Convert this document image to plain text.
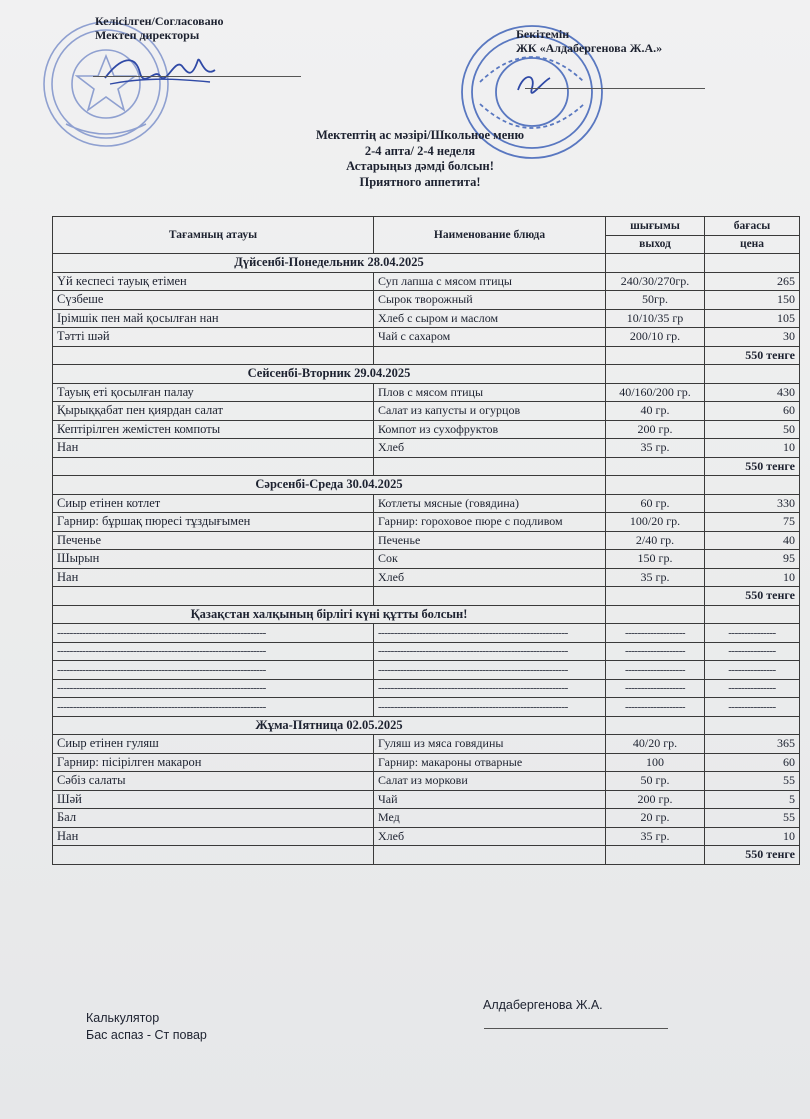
Келісілген/Согласовано
Мектеп директоры	Бекітемін
ЖК «Алдабергенова Ж.А.»
Мектептің ас мәзірі/Школьное меню
2-4 апта/ 2-4 неделя
Астарыңыз дәмді болсын!
Приятного аппетита!
Тағамның атауы	Наименование блюда	шығымы	бағасы
		выход	цена
Дүйсенбі-Понедельник 28.04.2025			
Үй кеспесі тауық етімен	Суп лапша с мясом птицы	240/30/270гр.	265
Сүзбеше	Сырок творожный	50гр.	150
Ірімшік пен май қосылған нан	Хлеб с сыром и маслом	10/10/35 гр	105
Тәтті шәй	Чай с сахаром	200/10 гр.	30
			550 тенге
Сейсенбі-Вторник 29.04.2025			
Тауық еті қосылған палау	Плов с мясом птицы	40/160/200 гр.	430
Қырыққабат пен қиярдан салат	Салат из капусты и огурцов	40 гр.	60
Кептірілген жемістен компоты	Компот из сухофруктов	200 гр.	50
Нан	Хлеб	35 гр.	10
			550 тенге
Сәрсенбі-Среда 30.04.2025			
Сиыр етінен котлет	Котлеты мясные (говядина)	60 гр.	330
Гарнир: бұршақ пюресі тұздығымен	Гарнир: гороховое пюре с подливом	100/20 гр.	75
Печенье	Печенье	2/40 гр.	40
Шырын	Сок	150 гр.	95
Нан	Хлеб	35 гр.	10
			550 тенге
Қазақстан халқының бірлігі күні құтты болсын!			
------------------------------------------------------------------	------------------------------------------------------------	-------------------	---------------
------------------------------------------------------------------	------------------------------------------------------------	-------------------	---------------
------------------------------------------------------------------	------------------------------------------------------------	-------------------	---------------
------------------------------------------------------------------	------------------------------------------------------------	-------------------	---------------
------------------------------------------------------------------	------------------------------------------------------------	-------------------	---------------
Жұма-Пятница 02.05.2025			
Сиыр етінен гуляш	Гуляш из мяса говядины	40/20 гр.	365
Гарнир: пісірілген макарон	Гарнир: макароны отварные	100	60
Сәбіз салаты	Салат из моркови	50 гр.	55
Шәй	Чай	200 гр.	5
Бал	Мед	20 гр.	55
Нан	Хлеб	35 гр.	10
			550 тенге
Алдабергенова Ж.А.
Калькулятор
Бас аспаз - Ст повар
